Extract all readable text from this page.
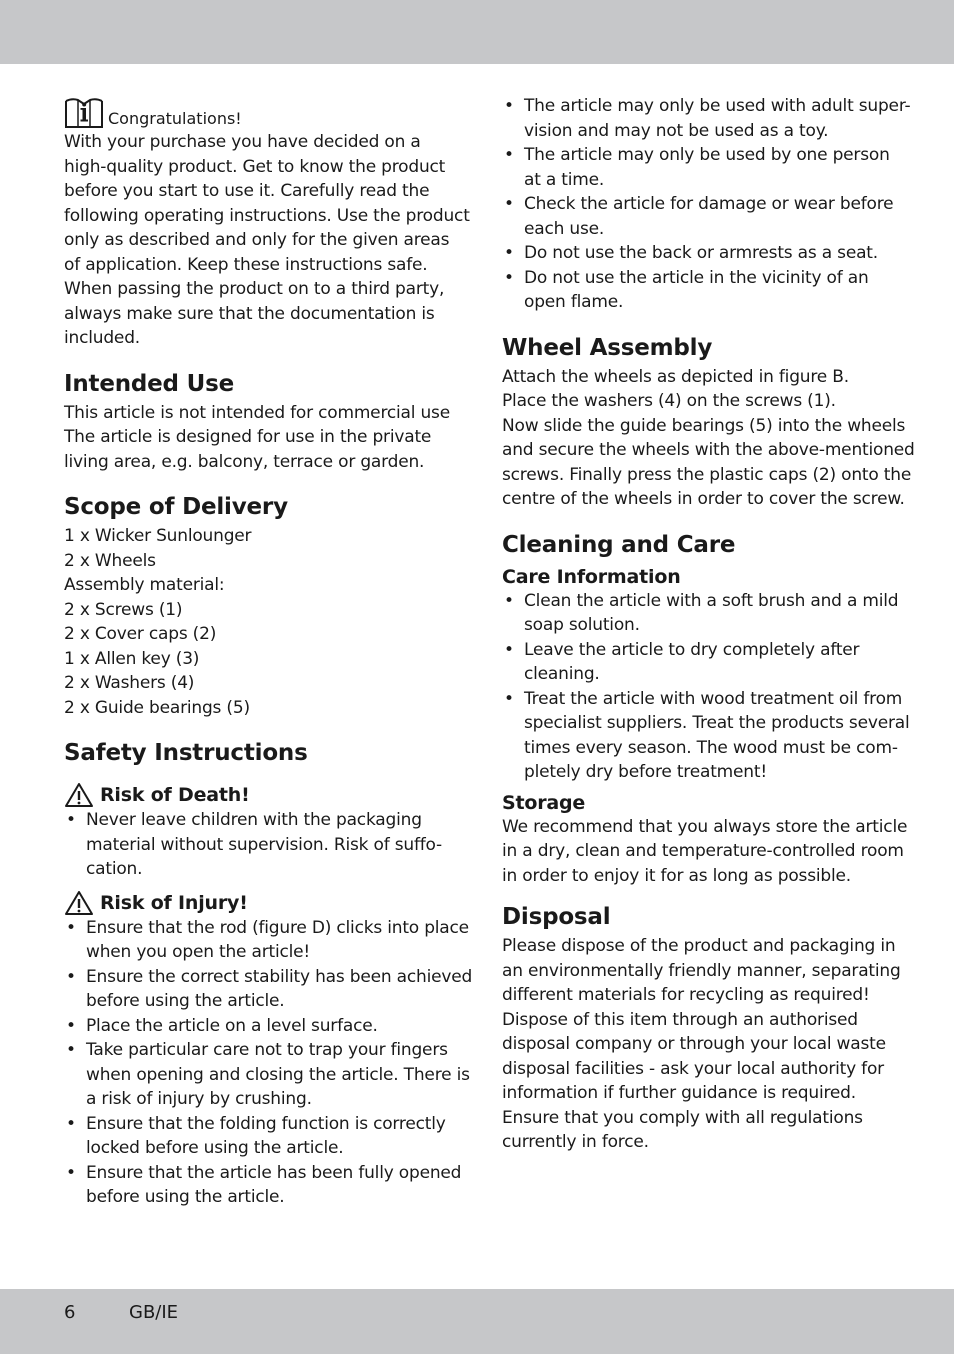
Congratulations!
With your purchase you have decided on a
high-quality product. Get to know the product
before you start to use it. Carefully read the
following operating instructions. Use the product
only as described and only for the given areas
of application. Keep these instructions safe.
When passing the product on to a third party,
always make sure that the documentation is
included.
Intended Use
This article is not intended for commercial use
The article is designed for use in the private
living area, e.g. balcony, terrace or garden.
Scope of Delivery
1 x Wicker Sunlounger
2 x Wheels
Assembly material:
2 x Screws (1)
2 x Cover caps (2)
1 x Allen key (3)
2 x Washers (4)
2 x Guide bearings (5)
Safety Instructions
Risk of Death!
• Never leave children with the packaging
material without supervision. Risk of suffo-
cation.
Risk of Injury!
• Ensure that the rod (figure D) clicks into place
when you open the article!
• Ensure the correct stability has been achieved
before using the article.
• Place the article on a level surface.
• Take particular care not to trap your fingers
when opening and closing the article. There is
a risk of injury by crushing.
• Ensure that the folding function is correctly
locked before using the article.
• Ensure that the article has been fully opened
before using the article.
• The article may only be used with adult super-
vision and may not be used as a toy.
• The article may only be used by one person
at a time.
• Check the article for damage or wear before
each use.
• Do not use the back or armrests as a seat.
• Do not use the article in the vicinity of an
open flame.
Wheel Assembly
Attach the wheels as depicted in figure B.
Place the washers (4) on the screws (1).
Now slide the guide bearings (5) into the wheels
and secure the wheels with the above-mentioned
screws. Finally press the plastic caps (2) onto the
centre of the wheels in order to cover the screw.
Cleaning and Care
Care Information
• Clean the article with a soft brush and a mild
soap solution.
• Leave the article to dry completely after
cleaning.
• Treat the article with wood treatment oil from
specialist suppliers. Treat the products several
times every season. The wood must be com-
pletely dry before treatment!
Storage
We recommend that you always store the article
in a dry, clean and temperature-controlled room
in order to enjoy it for as long as possible.
Disposal
Please dispose of the product and packaging in
an environmentally friendly manner, separating
different materials for recycling as required!
Dispose of this item through an authorised
disposal company or through your local waste
disposal facilities - ask your local authority for
information if further guidance is required.
Ensure that you comply with all regulations
currently in force.
6	GB/IE
